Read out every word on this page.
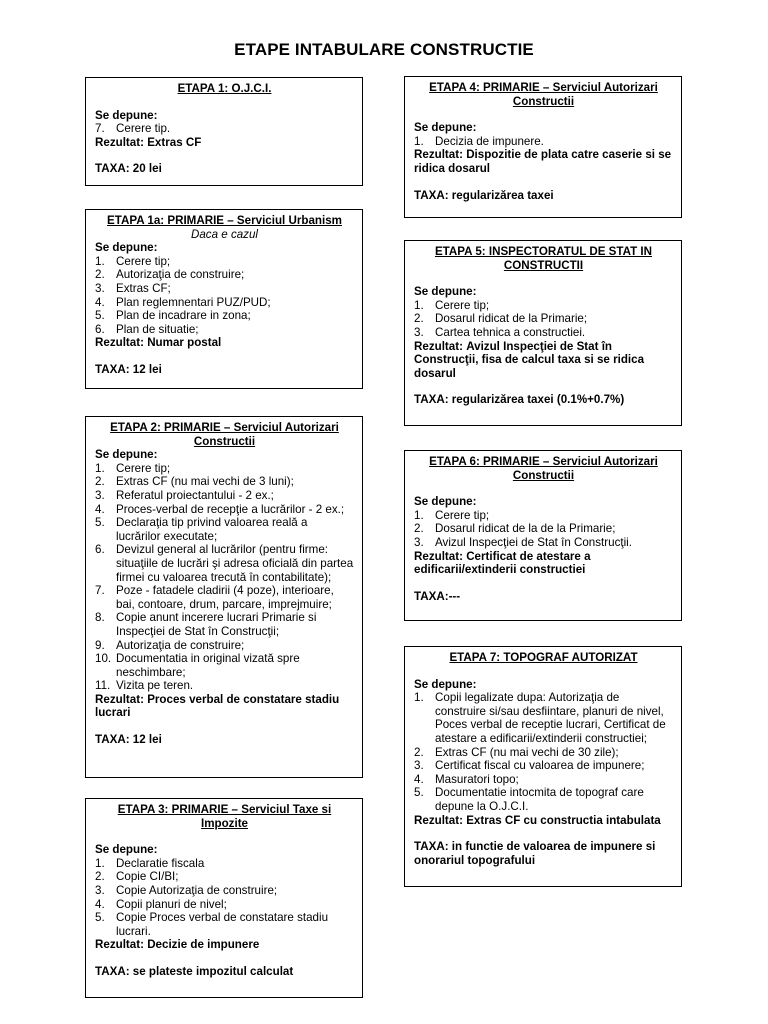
ETAPE INTABULARE CONSTRUCTIE
ETAPA 1: O.J.C.I.
Se depune:
7. Cerere tip.
Rezultat: Extras CF
TAXA: 20 lei
ETAPA 1a: PRIMARIE – Serviciul Urbanism
Daca e cazul
Se depune:
1. Cerere tip;
2. Autorizaţia de construire;
3. Extras CF;
4. Plan reglemnentari PUZ/PUD;
5. Plan de incadrare in zona;
6. Plan de situatie;
Rezultat: Numar postal
TAXA: 12 lei
ETAPA 2: PRIMARIE – Serviciul Autorizari Constructii
Se depune:
1. Cerere tip;
2. Extras CF (nu mai vechi de 3 luni);
3. Referatul proiectantului - 2 ex.;
4. Proces-verbal de recepţie a lucrărilor - 2 ex.;
5. Declaraţia tip privind valoarea reală a lucrărilor executate;
6. Devizul general al lucrărilor (pentru firme: situaţiile de lucrări şi adresa oficială din partea firmei cu valoarea trecută în contabilitate);
7. Poze - fatadele cladirii (4 poze), interioare, bai, contoare, drum, parcare, imprejmuire;
8. Copie anunt incerere lucrari Primarie si Inspecţiei de Stat în Construcţii;
9. Autorizaţia de construire;
10. Documentatia in original vizată spre neschimbare;
11. Vizita pe teren.
Rezultat: Proces verbal de constatare stadiu lucrari
TAXA: 12 lei
ETAPA 3: PRIMARIE – Serviciul Taxe si Impozite
Se depune:
1. Declaratie fiscala
2. Copie CI/BI;
3. Copie Autorizaţia de construire;
4. Copii planuri de nivel;
5. Copie Proces verbal de constatare stadiu lucrari.
Rezultat: Decizie de impunere
TAXA: se plateste impozitul calculat
ETAPA 4: PRIMARIE – Serviciul Autorizari Constructii
Se depune:
1. Decizia de impunere.
Rezultat: Dispozitie de plata catre caserie si se ridica dosarul
TAXA: regularizărea taxei
ETAPA 5: INSPECTORATUL DE STAT IN CONSTRUCTII
Se depune:
1. Cerere tip;
2. Dosarul ridicat de la Primarie;
3. Cartea tehnica a constructiei.
Rezultat: Avizul Inspecţiei de Stat în Construcţii, fisa de calcul taxa si se ridica dosarul
TAXA: regularizărea taxei (0.1%+0.7%)
ETAPA 6: PRIMARIE – Serviciul Autorizari Constructii
Se depune:
1. Cerere tip;
2. Dosarul ridicat de la de la Primarie;
3. Avizul Inspecţiei de Stat în Construcţii.
Rezultat: Certificat de atestare a edificarii/extinderii constructiei
TAXA:---
ETAPA 7: TOPOGRAF AUTORIZAT
Se depune:
1. Copii legalizate dupa: Autorizaţia de construire si/sau desfiintare, planuri de nivel, Poces verbal de receptie lucrari, Certificat de atestare a edificarii/extinderii constructiei;
2. Extras CF (nu mai vechi de 30 zile);
3. Certificat fiscal cu valoarea de impunere;
4. Masuratori topo;
5. Documentatie intocmita de topograf care depune la O.J.C.I.
Rezultat: Extras CF cu constructia intabulata
TAXA: in functie de valoarea de impunere si onorariul topografului
